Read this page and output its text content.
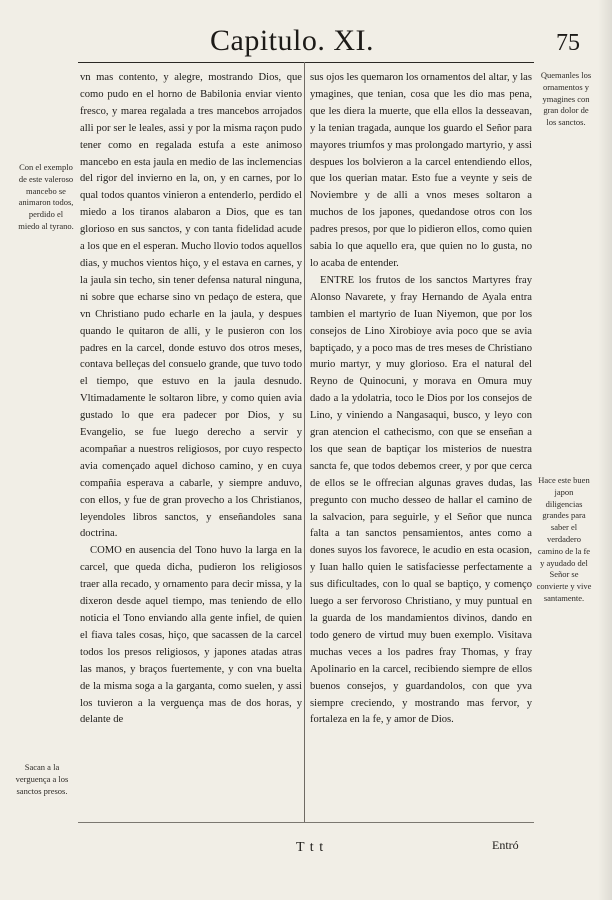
Capitulo. XI.	75

vn mas contento, y alegre, mostrando Dios, que como pudo en el horno de Babilonia enviar viento fresco, y marea regalada a tres mancebos arrojados alli por ser le leales, assi y por la misma raçon pudo tener como en regalada estufa a este animoso mancebo en esta jaula en medio de las inclemencias del rigor del invierno en la, on, y en carnes, por lo qual todos quantos vinieron a entenderlo, perdido el miedo a los tiranos alabaron a Dios, que es tan glorioso en sus sanctos, y con tanta fidelidad acude a los que en el esperan. Mucho llovio todos aquellos dias, y muchos vientos hiço, y el estava en carnes, y la jaula sin techo, sin tener defensa natural ninguna, ni sobre que echarse sino vn pedaço de estera, que vn Christiano pudo echarle en la jaula, y despues quando le quitaron de alli, y le pusieron con los padres en la carcel, donde estuvo dos otros meses, contava belleças del consuelo grande, que tuvo todo el tiempo, que estuvo en la jaula desnudo. Vltimadamente le soltaron libre, y como quien avia gustado lo que era padecer por Dios, y su Evangelio, se fue luego derecho a servir y acompañar a nuestros religiosos, por cuyo respecto avia començado aquel dichoso camino, y en cuya compañia esperava a cabarle, y siempre anduvo, con ellos, y fue de gran provecho a los Christianos, leyendoles libros sanctos, y enseñandoles sana doctrina.

COMO en ausencia del Tono huvo la larga en la carcel, que queda dicha, pudieron los religiosos traer alla recado, y ornamento para decir missa, y la dixeron desde aquel tiempo, mas teniendo de ello noticia el Tono enviando alla gente infiel, de quien el fiava tales cosas, hiço, que sacassen de la carcel todos los presos religiosos, y japones atadas atras las manos, y braços fuertemente, y con vna buelta de la misma soga a la garganta, como suelen, y assi los tuvieron a la verguença mas de dos horas, y delante de

sus ojos les quemaron los ornamentos del altar, y las ymagines, que tenian, cosa que les dio mas pena, que les diera la muerte, que ella ellos la desseavan, y la tenian tragada, aunque los guardo el Señor para mayores triumfos y mas prolongado martyrio, y assi despues los bolvieron a la carcel entendiendo ellos, que los querian matar. Esto fue a veynte y seis de Noviembre y de alli a vnos meses soltaron a muchos de los japones, quedandose otros con los padres presos, por que lo pidieron ellos, como quien sabia lo que aquello era, que quien no lo gusta, no lo acaba de entender.

ENTRE los frutos de los sanctos Martyres fray Alonso Navarete, y fray Hernando de Ayala entra tambien el martyrio de Iuan Niyemon, que por los consejos de Lino Xirobioye avia poco que se avia baptiçado, y a poco mas de tres meses de Christiano murio martyr, y muy glorioso. Era el natural del Reyno de Quinocuni, y morava en Omura muy dado a la ydolatria, toco le Dios por los consejos de Lino, y viniendo a Nangasaqui, busco, y leyo con gran atencion el cathecismo, con que se enseñan a los que sean de baptiçar los misterios de nuestra sancta fe, que todos debemos creer, y por que cerca de ellos se le offrecian algunas graves dudas, las pregunto con mucho desseo de hallar el camino de la salvacion, para seguirle, y el Señor que nunca falta a tan sanctos pensamientos, antes como a dones suyos los favorece, le acudio en esta ocasion, y Iuan hallo quien le satisfaciesse perfectamente a sus dificultades, con lo qual se baptiço, y començo luego a ser fervoroso Christiano, y muy puntual en la guarda de los mandamientos divinos, dando en todo genero de virtud muy buen exemplo. Visitava muchas veces a los padres fray Thomas, y fray Apolinario en la carcel, recibiendo siempre de ellos buenos consejos, y guardandolos, con que yva siempre creciendo, y mostrando mas fervor, y fortaleza en la fe, y amor de Dios.

Con el exemplo de este valeroso mancebo se animaron todos, perdido el miedo al tyrano.
Sacan a la verguença a los sanctos presos.
Quemanles los ornamentos y ymagines con gran dolor de los sanctos.
Hace este buen japon diligencias grandes para saber el verdadero camino de la fe y ayudado del Señor se convierte y vive santamente.
T t t	Entró
